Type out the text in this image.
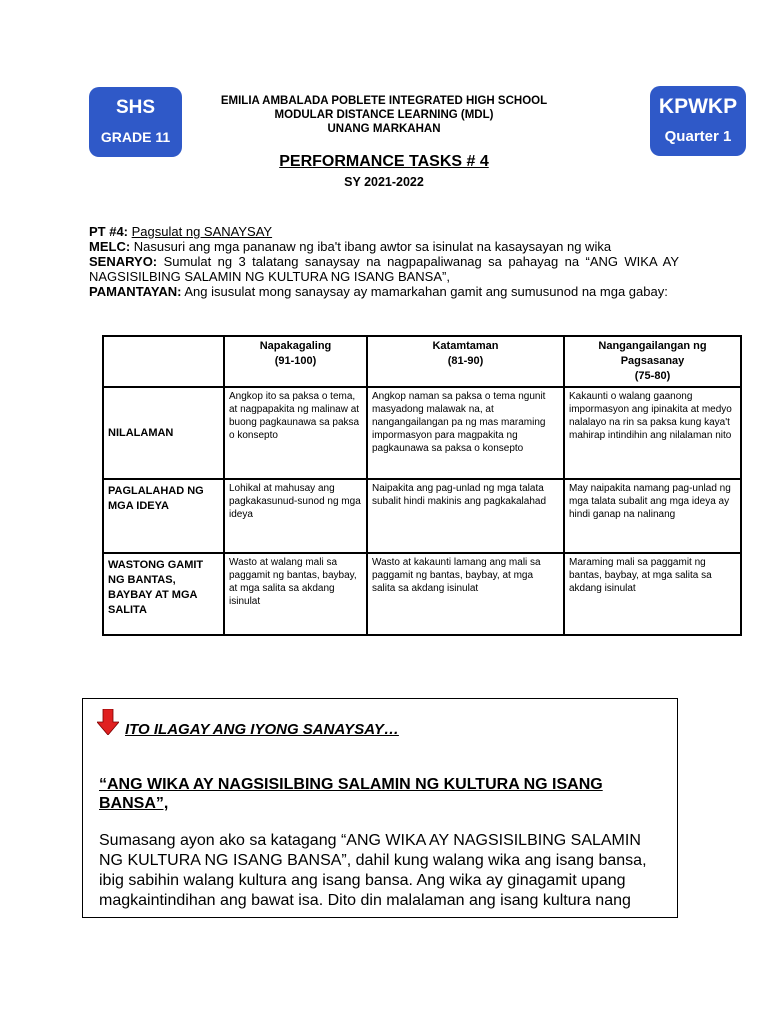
SHS
GRADE 11
KPWKP
Quarter 1
EMILIA AMBALADA POBLETE INTEGRATED HIGH SCHOOL
MODULAR DISTANCE LEARNING (MDL)
UNANG MARKAHAN
PERFORMANCE TASKS # 4
SY 2021-2022

PT #4: Pagsulat ng SANAYSAY

MELC: Nasusuri ang mga pananaw ng iba't ibang awtor sa isinulat na kasaysayan ng wika

SENARYO: Sumulat ng 3 talatang sanaysay na nagpapaliwanag sa pahayag na “ANG WIKA AY NAGSISILBING SALAMIN NG KULTURA NG ISANG BANSA”,

PAMANTAYAN: Ang isusulat mong sanaysay ay mamarkahan gamit ang sumusunod na mga gabay:

	Napakagaling
(91-100)	Katamtaman
(81-90)	Nangangailangan ng Pagsasanay
(75-80)
NILALAMAN	Angkop ito sa paksa o tema, at nagpapakita ng malinaw at buong pagkaunawa sa paksa o konsepto	Angkop naman sa paksa o tema ngunit masyadong malawak na, at nangangailangan pa ng mas maraming impormasyon para magpakita ng pagkaunawa sa paksa o konsepto	Kakaunti o walang gaanong impormasyon ang ipinakita at medyo nalalayo na rin sa paksa kung kaya't mahirap intindihin ang nilalaman nito
PAGLALAHAD NG MGA IDEYA	Lohikal at mahusay ang pagkakasunud-sunod ng mga ideya	Naipakita ang pag-unlad ng mga talata subalit hindi makinis ang pagkakalahad	May naipakita namang pag-unlad ng mga talata subalit ang mga ideya ay hindi ganap na nalinang
WASTONG GAMIT NG BANTAS, BAYBAY AT MGA SALITA	Wasto at walang mali sa paggamit ng bantas, baybay, at mga salita sa akdang isinulat	Wasto at kakaunti lamang ang mali sa paggamit ng bantas, baybay, at mga salita sa akdang isinulat	Maraming mali sa paggamit ng bantas, baybay, at mga salita sa akdang isinulat
ITO ILAGAY ANG IYONG SANAYSAY…
“ANG WIKA AY NAGSISILBING SALAMIN NG KULTURA NG ISANG BANSA”,
Sumasang ayon ako sa katagang “ANG WIKA AY NAGSISILBING SALAMIN NG KULTURA NG ISANG BANSA”, dahil kung walang wika ang isang bansa, ibig sabihin walang kultura ang isang bansa. Ang wika ay ginagamit upang magkaintindihan ang bawat isa. Dito din malalaman ang isang kultura nang
